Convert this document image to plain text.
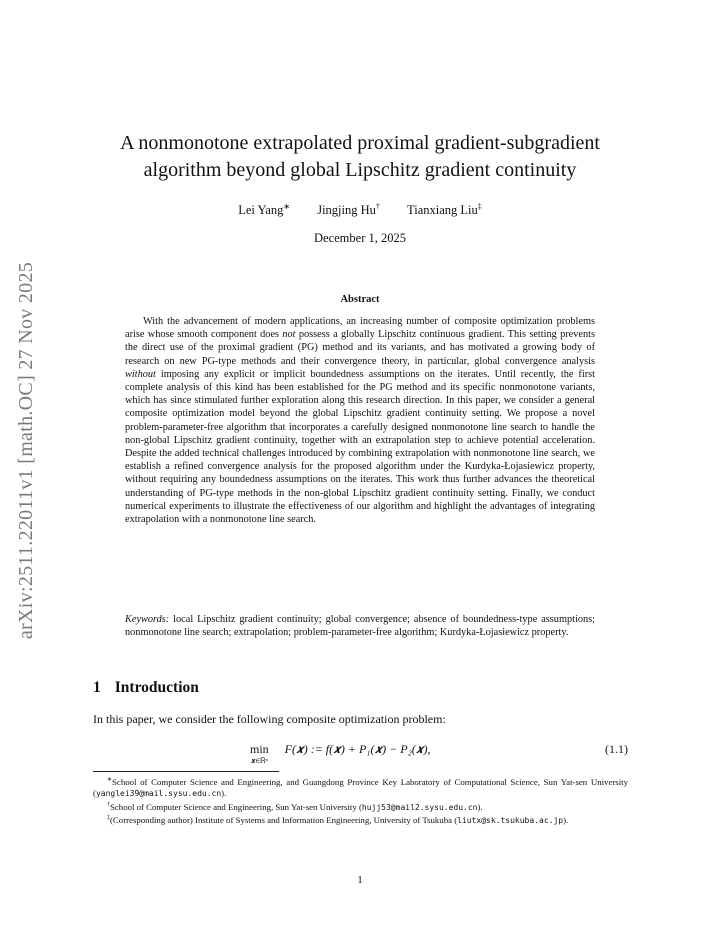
arXiv:2511.22011v1 [math.OC] 27 Nov 2025
A nonmonotone extrapolated proximal gradient-subgradient
algorithm beyond global Lipschitz gradient continuity
Lei Yang∗ Jingjing Hu† Tianxiang Liu‡
December 1, 2025
Abstract

With the advancement of modern applications, an increasing number of composite optimization problems arise whose smooth component does not possess a globally Lipschitz continuous gradient. This setting prevents the direct use of the proximal gradient (PG) method and its variants, and has motivated a growing body of research on new PG-type methods and their convergence theory, in particular, global convergence analysis without imposing any explicit or implicit boundedness assumptions on the iterates. Until recently, the first complete analysis of this kind has been established for the PG method and its specific nonmonotone variants, which has since stimulated further exploration along this research direction. In this paper, we consider a general composite optimization model beyond the global Lipschitz gradient continuity setting. We propose a novel problem-parameter-free algorithm that incorporates a carefully designed nonmonotone line search to handle the non-global Lipschitz gradient continuity, together with an extrapolation step to achieve potential acceleration. Despite the added technical challenges introduced by combining extrapolation with nonmonotone line search, we establish a refined convergence analysis for the proposed algorithm under the Kurdyka-Łojasiewicz property, without requiring any boundedness assumptions on the iterates. This work thus further advances the theoretical understanding of PG-type methods in the non-global Lipschitz gradient continuity setting. Finally, we conduct numerical experiments to illustrate the effectiveness of our algorithm and highlight the advantages of integrating extrapolation with a nonmonotone line search.

Keywords: local Lipschitz gradient continuity; global convergence; absence of boundedness-type assumptions; nonmonotone line search; extrapolation; problem-parameter-free algorithm; Kurdyka-Łojasiewicz property.

1 Introduction

In this paper, we consider the following composite optimization problem:

min
𝒙∈ℝⁿ
F(𝒙) := f(𝒙) + P₁(𝒙) − P₂(𝒙),	(1.1)

∗School of Computer Science and Engineering, and Guangdong Province Key Laboratory of Computational Science, Sun Yat-sen University (yanglei39@mail.sysu.edu.cn).

†School of Computer Science and Engineering, Sun Yat-sen University (hujj53@mail2.sysu.edu.cn).

‡(Corresponding author) Institute of Systems and Information Engineering, University of Tsukuba (liutx@sk.tsukuba.ac.jp).

1
